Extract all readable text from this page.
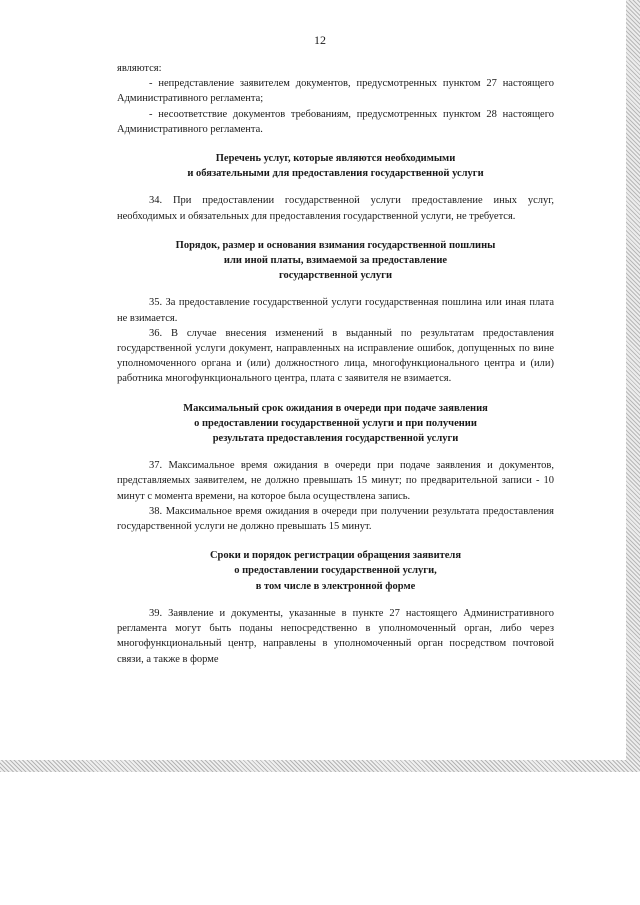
12

являются:

- непредставление заявителем документов, предусмотренных пунктом 27 настоящего Административного регламента;

- несоответствие документов требованиям, предусмотренных пунктом 28 настоящего Административного регламента.

Перечень услуг, которые являются необходимыми
и обязательными для предоставления государственной услуги

34. При предоставлении государственной услуги предоставление иных услуг, необходимых и обязательных для предоставления государственной услуги, не требуется.

Порядок, размер и основания взимания государственной пошлины
или иной платы, взимаемой за предоставление
государственной услуги

35. За предоставление государственной услуги государственная пошлина или иная плата не взимается.

36. В случае внесения изменений в выданный по результатам предоставления государственной услуги документ, направленных на исправление ошибок, допущенных по вине уполномоченного органа и (или) должностного лица, многофункционального центра и (или) работника многофункционального центра, плата с заявителя не взимается.

Максимальный срок ожидания в очереди при подаче заявления
о предоставлении государственной услуги и при получении
результата предоставления государственной услуги

37. Максимальное время ожидания в очереди при подаче заявления и документов, представляемых заявителем, не должно превышать 15 минут; по предварительной записи - 10 минут с момента времени, на которое была осуществлена запись.

38. Максимальное время ожидания в очереди при получении результата предоставления государственной услуги не должно превышать 15 минут.

Сроки и порядок регистрации обращения заявителя
о предоставлении государственной услуги,
в том числе в электронной форме

39. Заявление и документы, указанные в пункте 27 настоящего Административного регламента могут быть поданы непосредственно в уполномоченный орган, либо через многофункциональный центр, направлены в уполномоченный орган посредством почтовой связи, а также в форме
